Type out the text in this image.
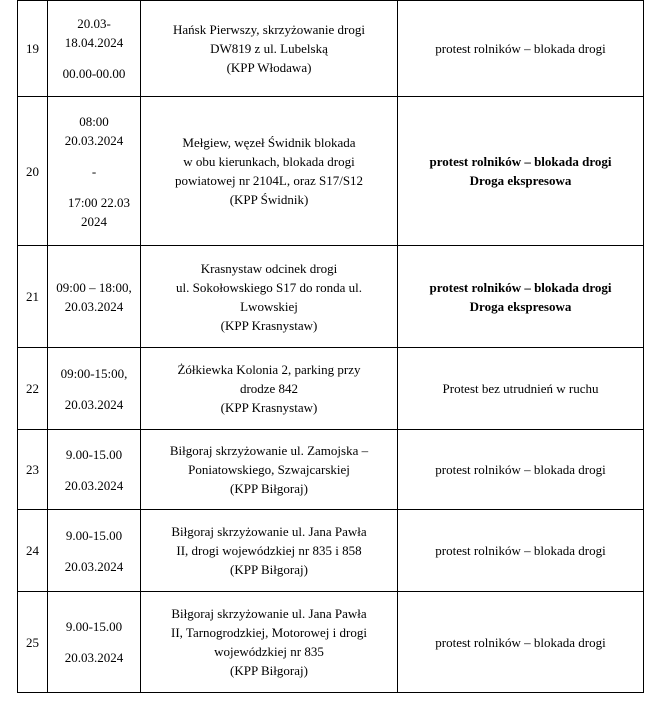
19	20.03-
18.04.2024
00.00-00.00	Hańsk Pierwszy, skrzyżowanie drogi
DW819 z ul. Lubelską
(KPP Włodawa)	protest rolników – blokada drogi

20	08:00
20.03.2024
-
17:00 22.03
2024	Mełgiew, węzeł Świdnik blokada
w obu kierunkach, blokada drogi
powiatowej nr 2104L, oraz S17/S12
(KPP Świdnik)	protest rolników – blokada drogi
Droga ekspresowa

21	09:00 – 18:00,
20.03.2024	Krasnystaw odcinek drogi
ul. Sokołowskiego S17 do ronda ul.
Lwowskiej
(KPP Krasnystaw)	protest rolników – blokada drogi
Droga ekspresowa

22	09:00-15:00,
20.03.2024	Żółkiewka Kolonia 2, parking przy
drodze 842
(KPP Krasnystaw)	Protest bez utrudnień w ruchu

23	9.00-15.00
20.03.2024	Biłgoraj skrzyżowanie ul. Zamojska –
Poniatowskiego, Szwajcarskiej
(KPP Biłgoraj)	protest rolników – blokada drogi

24	9.00-15.00
20.03.2024	Biłgoraj skrzyżowanie ul. Jana Pawła
II, drogi wojewódzkiej nr 835 i 858
(KPP Biłgoraj)	protest rolników – blokada drogi

25	9.00-15.00
20.03.2024	Biłgoraj skrzyżowanie ul. Jana Pawła
II, Tarnogrodzkiej, Motorowej i drogi
wojewódzkiej nr 835
(KPP Biłgoraj)	protest rolników – blokada drogi
